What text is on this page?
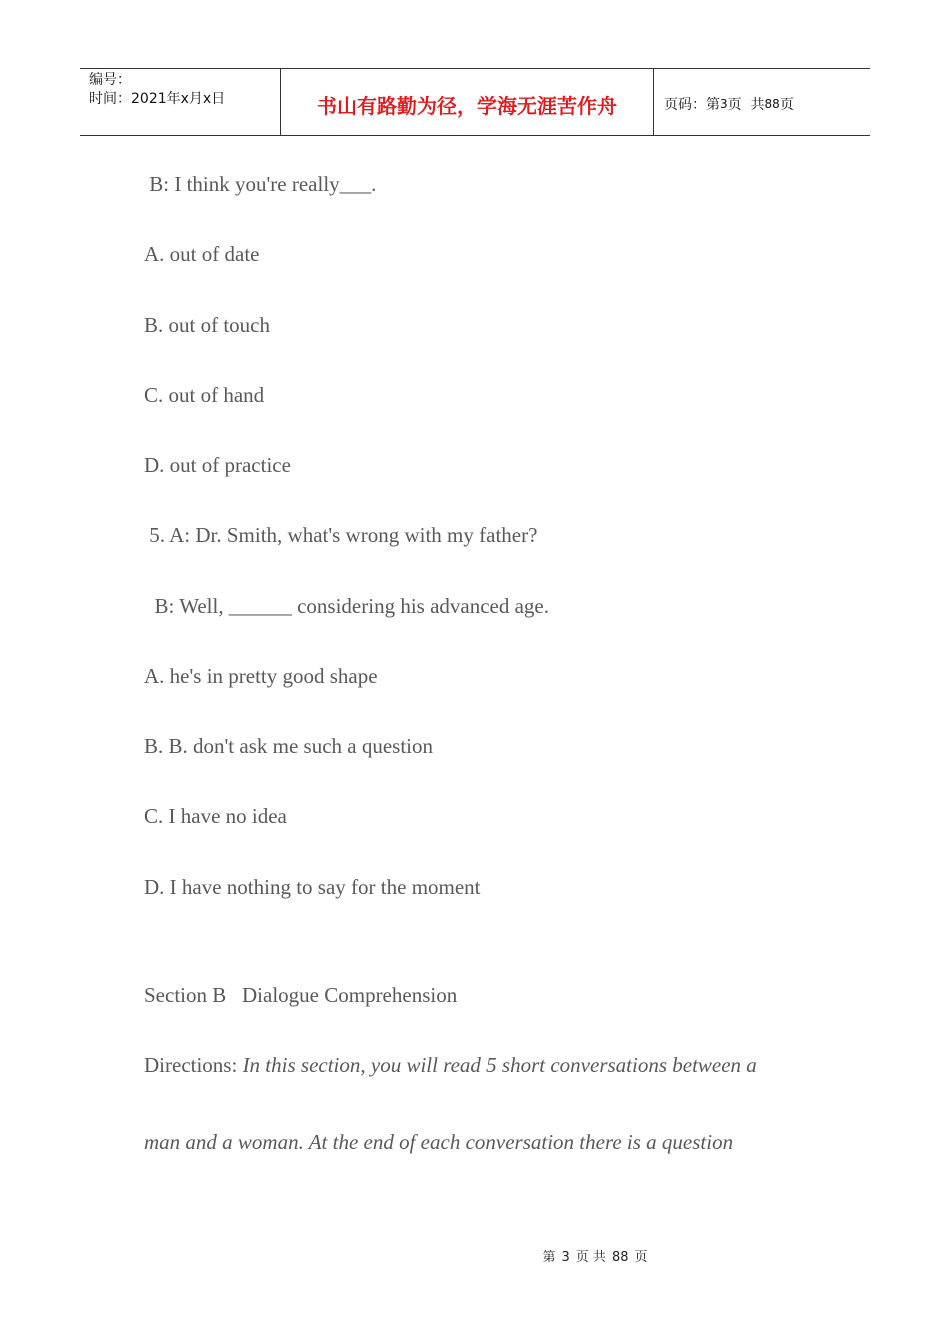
编号：
时间：2021年x月x日	书山有路勤为径，学海无涯苦作舟	页码：第 3 页  共 88 页
B: I think you're really___.
A. out of date
B. out of touch
C. out of hand
D. out of practice
5. A: Dr. Smith, what's wrong with my father?
B: Well, ______ considering his advanced age.
A. he's in pretty good shape
B. B. don't ask me such a question
C. I have no idea
D. I have nothing to say for the moment
Section B   Dialogue Comprehension
Directions: In this section, you will read 5 short conversations between a
man and a woman. At the end of each conversation there is a question
第 3 页 共 88 页
